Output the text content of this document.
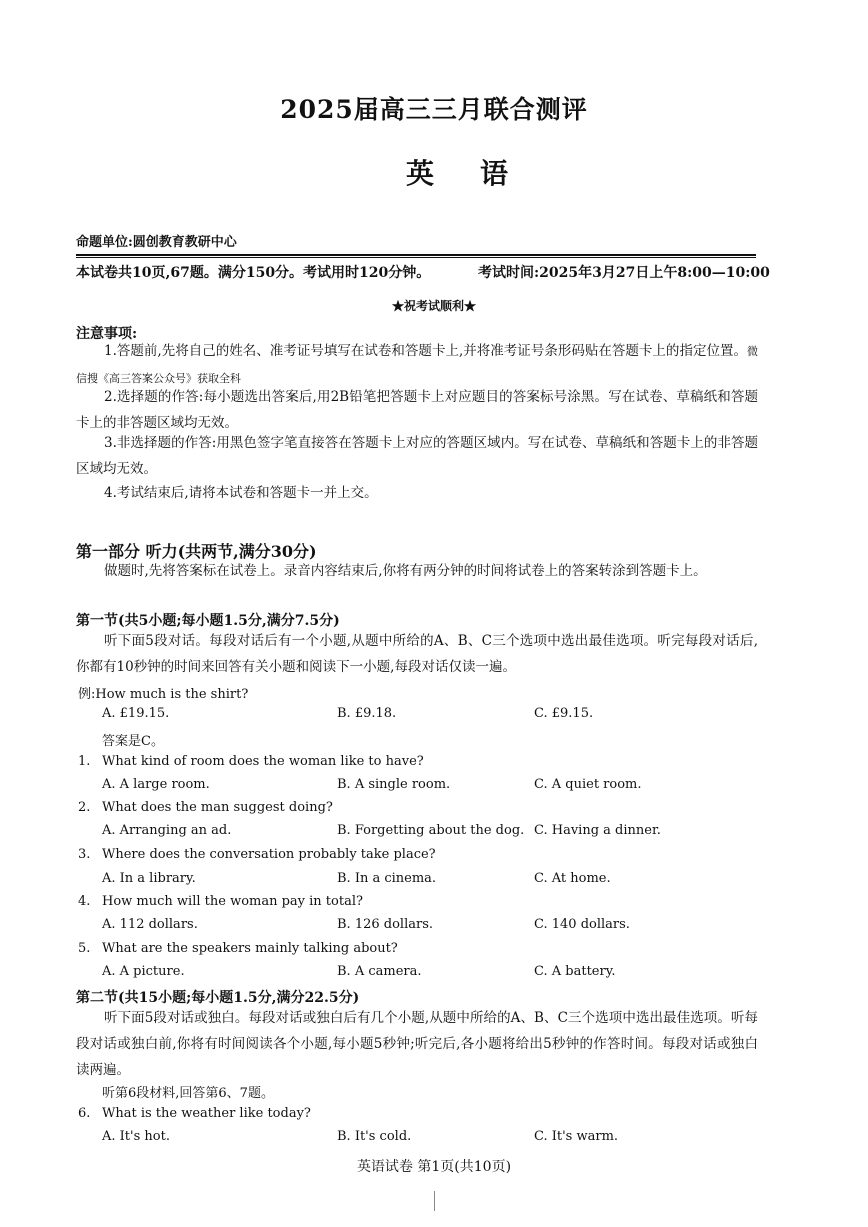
2025届高三三月联合测评
英语
命题单位:圆创教育教研中心
本试卷共10页,67题。满分150分。考试用时120分钟。	考试时间:2025年3月27日上午8:00—10:00
★祝考试顺利★
注意事项:
1.答题前,先将自己的姓名、准考证号填写在试卷和答题卡上,并将准考证号条形码贴在答题卡上的指定位置。微信搜《高三答案公众号》获取全科
2.选择题的作答:每小题选出答案后,用2B铅笔把答题卡上对应题目的答案标号涂黑。写在试卷、草稿纸和答题卡上的非答题区域均无效。
3.非选择题的作答:用黑色签字笔直接答在答题卡上对应的答题区域内。写在试卷、草稿纸和答题卡上的非答题区域均无效。
4.考试结束后,请将本试卷和答题卡一并上交。
第一部分 听力(共两节,满分30分)
做题时,先将答案标在试卷上。录音内容结束后,你将有两分钟的时间将试卷上的答案转涂到答题卡上。
第一节(共5小题;每小题1.5分,满分7.5分)
听下面5段对话。每段对话后有一个小题,从题中所给的A、B、C三个选项中选出最佳选项。听完每段对话后,你都有10秒钟的时间来回答有关小题和阅读下一小题,每段对话仅读一遍。
例:How much is the shirt?
A. £19.15.	B. £9.18.	C. £9.15.
答案是C。
1. What kind of room does the woman like to have?
A. A large room.	B. A single room.	C. A quiet room.
2. What does the man suggest doing?
A. Arranging an ad.	B. Forgetting about the dog. C. Having a dinner.
3. Where does the conversation probably take place?
A. In a library.	B. In a cinema.	C. At home.
4. How much will the woman pay in total?
A. 112 dollars.	B. 126 dollars.	C. 140 dollars.
5. What are the speakers mainly talking about?
A. A picture.	B. A camera.	C. A battery.
第二节(共15小题;每小题1.5分,满分22.5分)
听下面5段对话或独白。每段对话或独白后有几个小题,从题中所给的A、B、C三个选项中选出最佳选项。听每段对话或独白前,你将有时间阅读各个小题,每小题5秒钟;听完后,各小题将给出5秒钟的作答时间。每段对话或独白读两遍。
听第6段材料,回答第6、7题。
6. What is the weather like today?
A. It's hot.	B. It's cold.	C. It's warm.
英语试卷 第1页(共10页)
